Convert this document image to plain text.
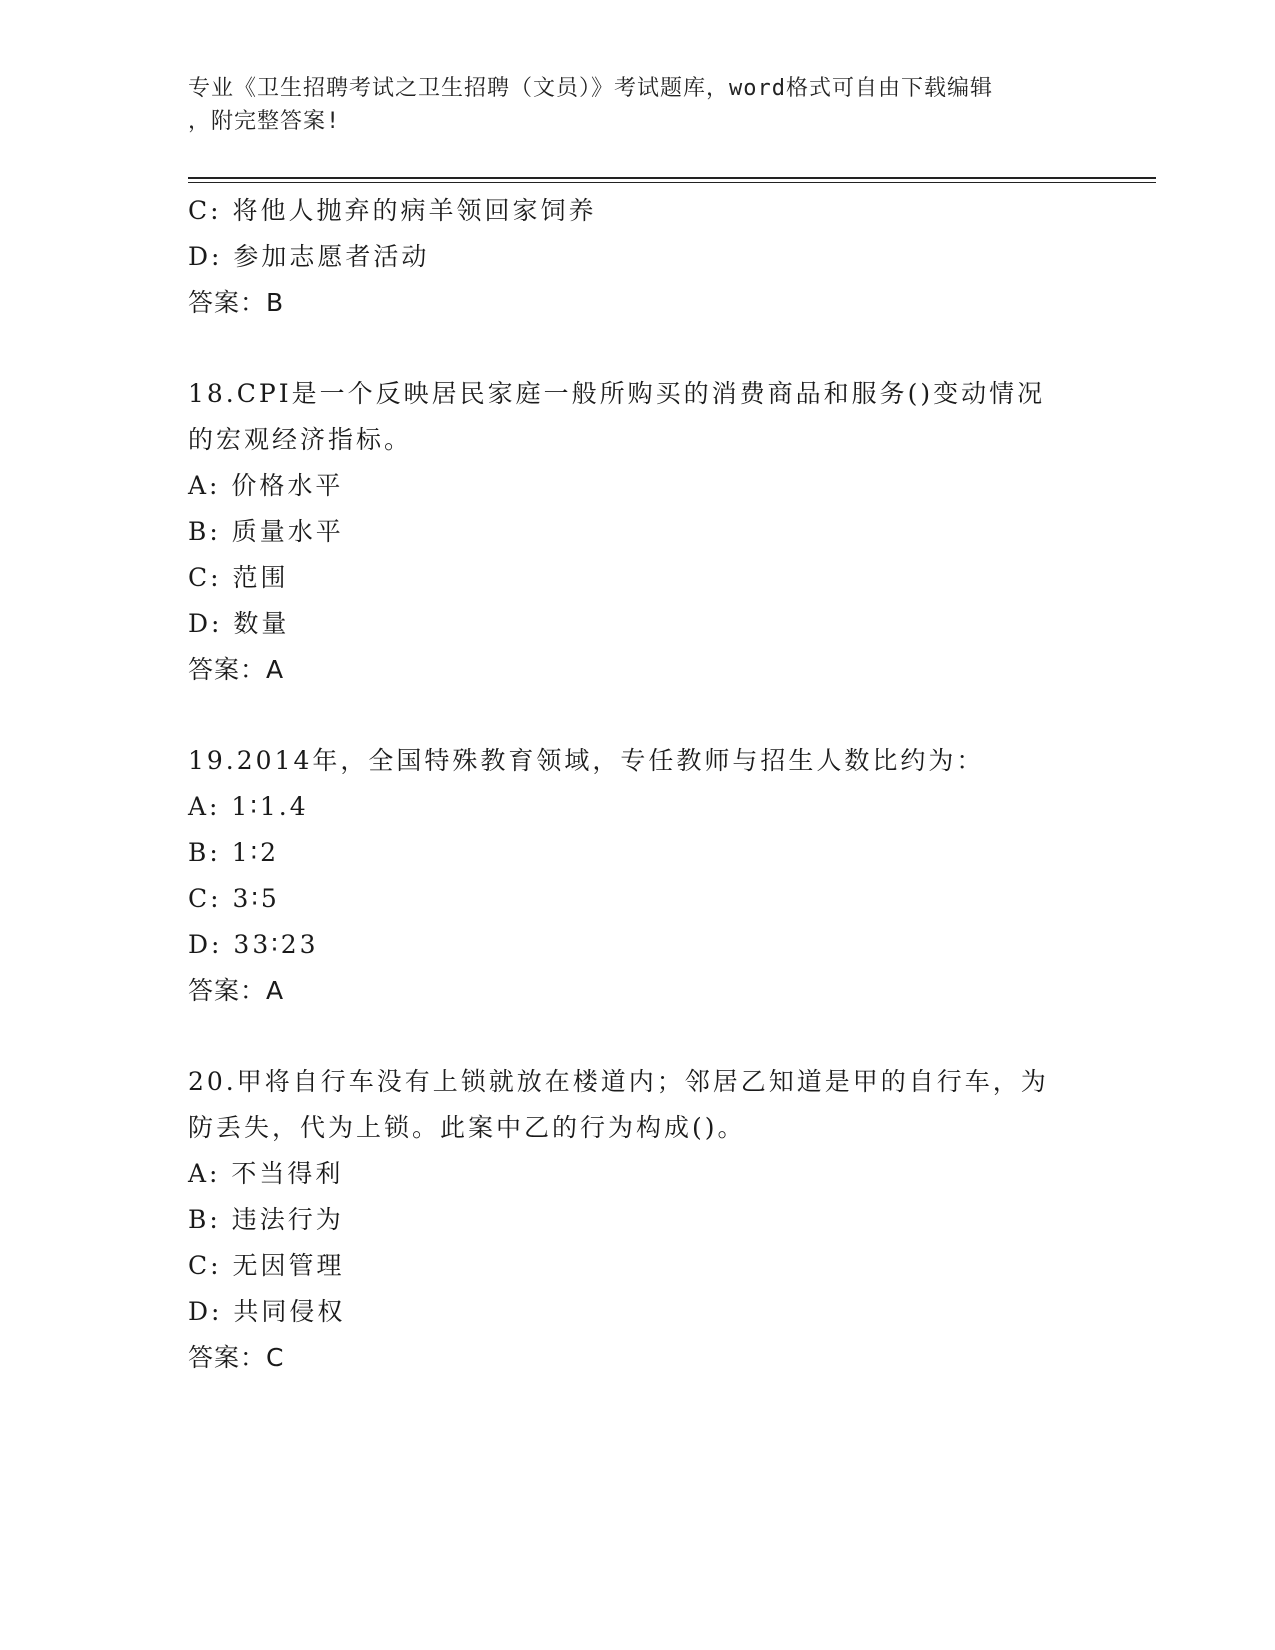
专业《卫生招聘考试之卫生招聘（文员）》考试题库，word格式可自由下载编辑
，附完整答案!
C: 将他人抛弃的病羊领回家饲养
D: 参加志愿者活动
答案：B
18.CPI是一个反映居民家庭一般所购买的消费商品和服务()变动情况
的宏观经济指标。
A: 价格水平
B: 质量水平
C: 范围
D: 数量
答案：A
19.2014年，全国特殊教育领域，专任教师与招生人数比约为：
A: 1∶1.4
B: 1∶2
C: 3∶5
D: 33∶23
答案：A
20.甲将自行车没有上锁就放在楼道内；邻居乙知道是甲的自行车，为
防丢失，代为上锁。此案中乙的行为构成()。
A: 不当得利
B: 违法行为
C: 无因管理
D: 共同侵权
答案：C
